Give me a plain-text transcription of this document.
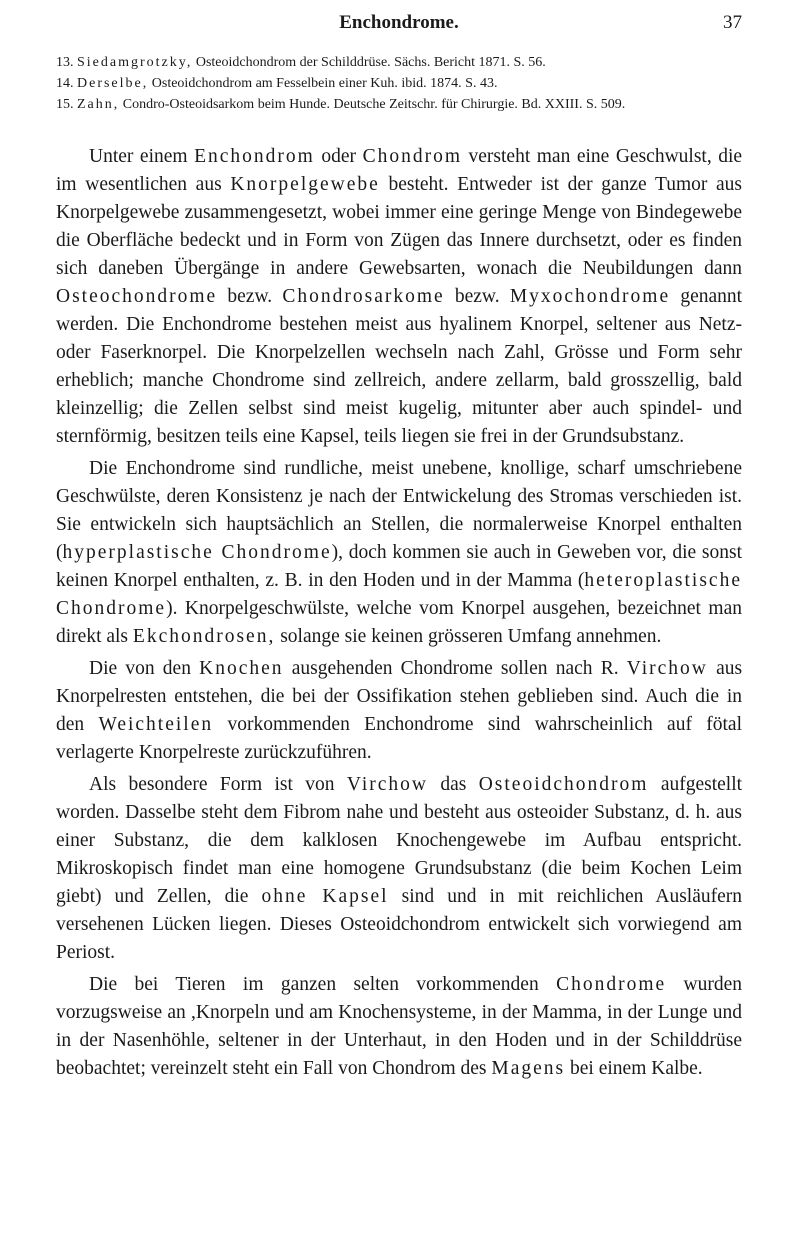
Enchondrome.	37

13. Siedamgrotzky, Osteoidchondrom der Schilddrüse. Sächs. Bericht 1871. S. 56.

14. Derselbe, Osteoidchondrom am Fesselbein einer Kuh. ibid. 1874. S. 43.

15. Zahn, Condro-Osteoidsarkom beim Hunde. Deutsche Zeitschr. für Chirurgie. Bd. XXIII. S. 509.

Unter einem Enchondrom oder Chondrom versteht man eine Geschwulst, die im wesentlichen aus Knorpelgewebe besteht. Entweder ist der ganze Tumor aus Knorpelgewebe zusammengesetzt, wobei immer eine geringe Menge von Bindegewebe die Oberfläche bedeckt und in Form von Zügen das Innere durchsetzt, oder es finden sich daneben Übergänge in andere Gewebsarten, wonach die Neubildungen dann Osteochondrome bezw. Chondrosarkome bezw. Myxochondrome genannt werden. Die Enchondrome bestehen meist aus hyalinem Knorpel, seltener aus Netz- oder Faserknorpel. Die Knorpelzellen wechseln nach Zahl, Grösse und Form sehr erheblich; manche Chondrome sind zellreich, andere zellarm, bald grosszellig, bald kleinzellig; die Zellen selbst sind meist kugelig, mitunter aber auch spindel- und sternförmig, besitzen teils eine Kapsel, teils liegen sie frei in der Grundsubstanz.

Die Enchondrome sind rundliche, meist unebene, knollige, scharf umschriebene Geschwülste, deren Konsistenz je nach der Entwickelung des Stromas verschieden ist. Sie entwickeln sich hauptsächlich an Stellen, die normalerweise Knorpel enthalten (hyperplastische Chondrome), doch kommen sie auch in Geweben vor, die sonst keinen Knorpel enthalten, z. B. in den Hoden und in der Mamma (heteroplastische Chondrome). Knorpelgeschwülste, welche vom Knorpel ausgehen, bezeichnet man direkt als Ekchondrosen, solange sie keinen grösseren Umfang annehmen.

Die von den Knochen ausgehenden Chondrome sollen nach R. Virchow aus Knorpelresten entstehen, die bei der Ossifikation stehen geblieben sind. Auch die in den Weichteilen vorkommenden Enchondrome sind wahrscheinlich auf fötal verlagerte Knorpelreste zurückzuführen.

Als besondere Form ist von Virchow das Osteoidchondrom aufgestellt worden. Dasselbe steht dem Fibrom nahe und besteht aus osteoider Substanz, d. h. aus einer Substanz, die dem kalklosen Knochengewebe im Aufbau entspricht. Mikroskopisch findet man eine homogene Grundsubstanz (die beim Kochen Leim giebt) und Zellen, die ohne Kapsel sind und in mit reichlichen Ausläufern versehenen Lücken liegen. Dieses Osteoidchondrom entwickelt sich vorwiegend am Periost.

Die bei Tieren im ganzen selten vorkommenden Chondrome wurden vorzugsweise an ,Knorpeln und am Knochensysteme, in der Mamma, in der Lunge und in der Nasenhöhle, seltener in der Unterhaut, in den Hoden und in der Schilddrüse beobachtet; vereinzelt steht ein Fall von Chondrom des Magens bei einem Kalbe.
